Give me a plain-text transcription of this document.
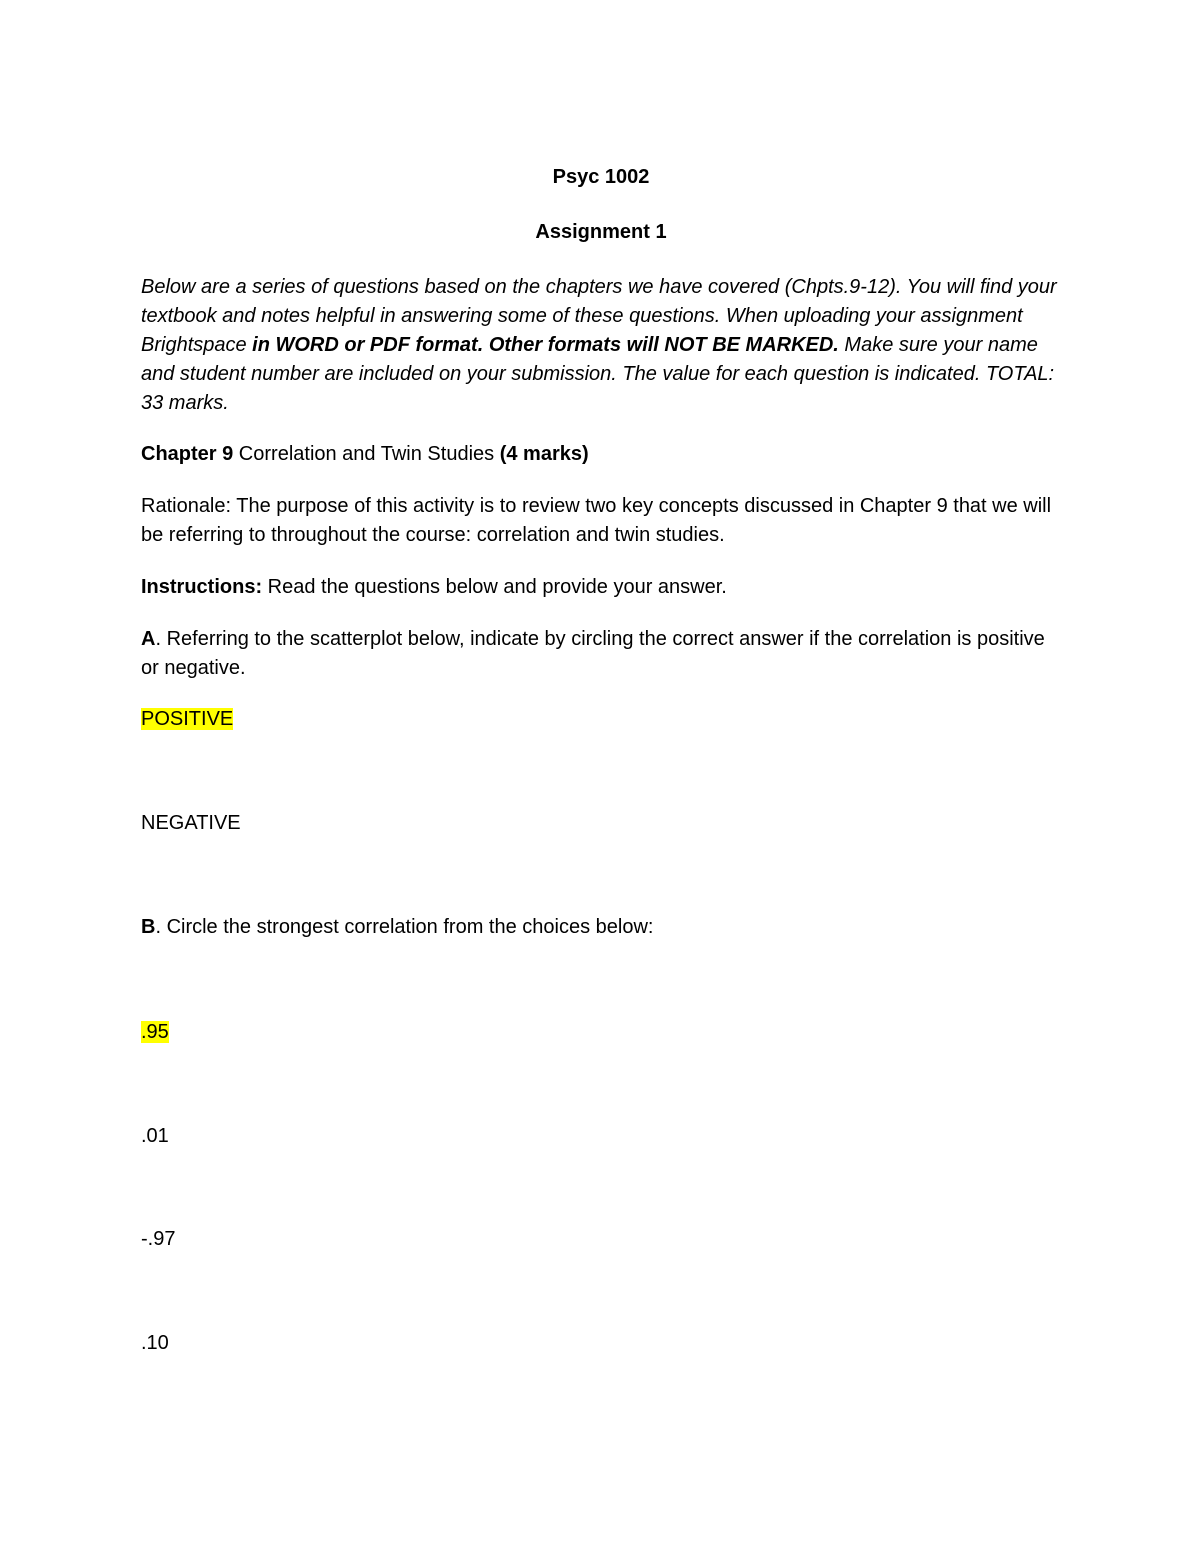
Psyc 1002
Assignment 1
Below are a series of questions based on the chapters we have covered (Chpts.9-12). You will find your textbook and notes helpful in answering some of these questions. When uploading your assignment Brightspace in WORD or PDF format. Other formats will NOT BE MARKED. Make sure your name and student number are included on your submission. The value for each question is indicated. TOTAL: 33 marks.
Chapter 9 Correlation and Twin Studies (4 marks)
Rationale: The purpose of this activity is to review two key concepts discussed in Chapter 9 that we will be referring to throughout the course: correlation and twin studies.
Instructions: Read the questions below and provide your answer.
A. Referring to the scatterplot below, indicate by circling the correct answer if the correlation is positive or negative.
POSITIVE
NEGATIVE
B. Circle the strongest correlation from the choices below:
.95
.01
-.97
.10
